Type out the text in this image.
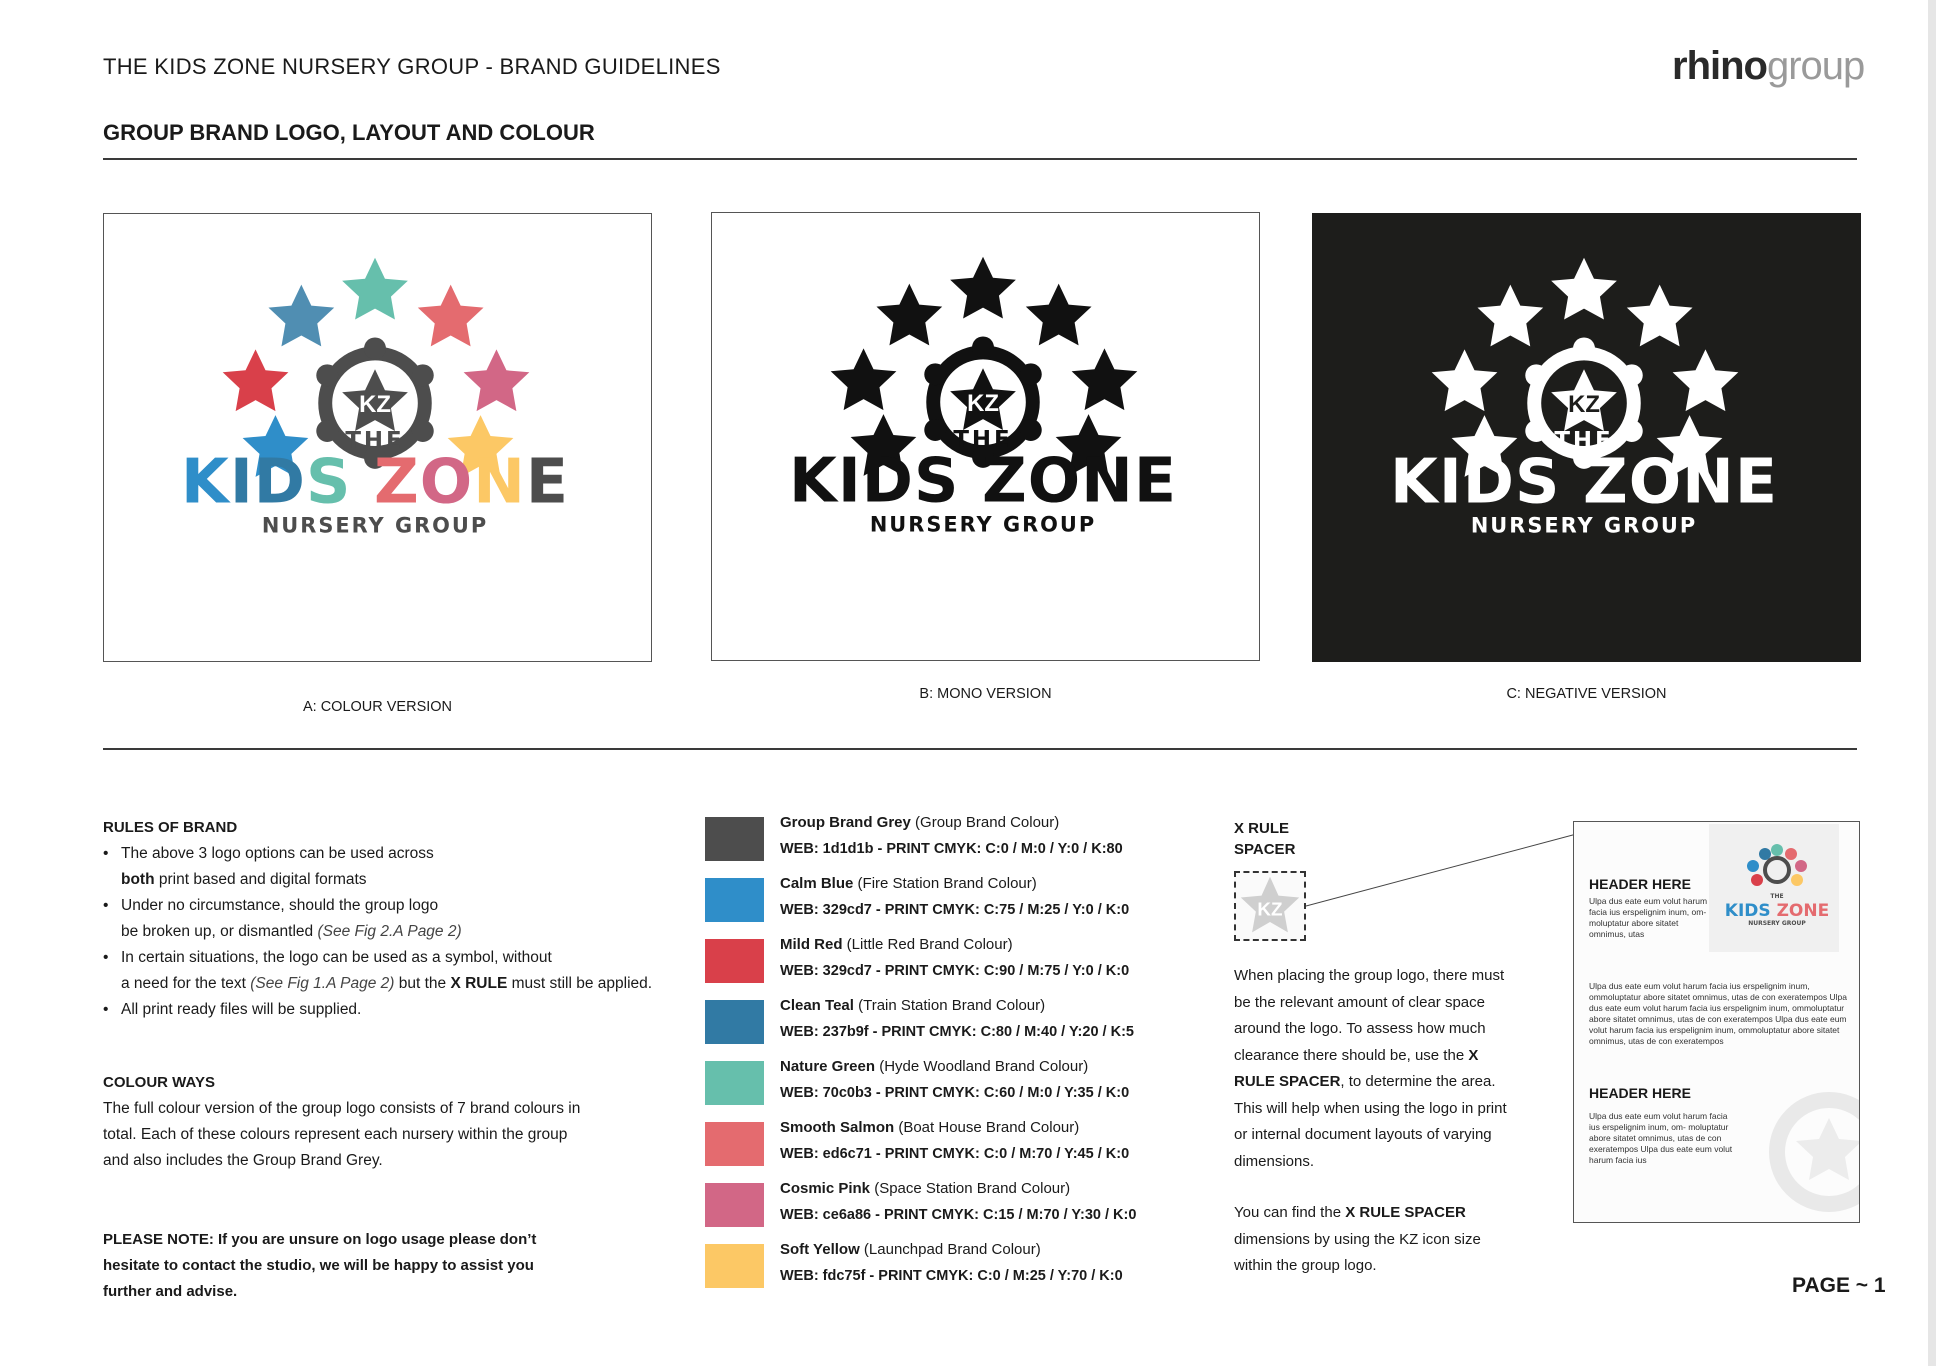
THE KIDS ZONE NURSERY GROUP - BRAND GUIDELINES	rhinogroup
GROUP BRAND LOGO, LAYOUT AND COLOUR
KZ
THE
KIDS ZONE
NURSERY GROUP
KZ
THE
KIDS ZONE
NURSERY GROUP
KZ
THE
KIDS ZONE
NURSERY GROUP
A: COLOUR VERSION
B: MONO VERSION	C: NEGATIVE VERSION
RULES OF BRAND
• The above 3 logo options can be used across
both print based and digital formats
• Under no circumstance, should the group logo
be broken up, or dismantled (See Fig 2.A Page 2)
• In certain situations, the logo can be used as a symbol, without
a need for the text (See Fig 1.A Page 2) but the X RULE must still be applied.
• All print ready files will be supplied.
COLOUR WAYS
The full colour version of the group logo consists of 7 brand colours in
total. Each of these colours represent each nursery within the group
and also includes the Group Brand Grey.
PLEASE NOTE: If you are unsure on logo usage please don’t
hesitate to contact the studio, we will be happy to assist you
further and advise.
Group Brand Grey (Group Brand Colour)
WEB: 1d1d1b - PRINT CMYK: C:0 / M:0 / Y:0 / K:80
Calm Blue (Fire Station Brand Colour)
WEB: 329cd7 - PRINT CMYK: C:75 / M:25 / Y:0 / K:0
Mild Red (Little Red Brand Colour)
WEB: 329cd7 - PRINT CMYK: C:90 / M:75 / Y:0 / K:0
Clean Teal (Train Station Brand Colour)
WEB: 237b9f - PRINT CMYK: C:80 / M:40 / Y:20 / K:5
Nature Green (Hyde Woodland Brand Colour)
WEB: 70c0b3 - PRINT CMYK: C:60 / M:0 / Y:35 / K:0
Smooth Salmon (Boat House Brand Colour)
WEB: ed6c71 - PRINT CMYK: C:0 / M:70 / Y:45 / K:0
Cosmic Pink (Space Station Brand Colour)
WEB: ce6a86 - PRINT CMYK: C:15 / M:70 / Y:30 / K:0
Soft Yellow (Launchpad Brand Colour)
WEB: fdc75f - PRINT CMYK: C:0 / M:25 / Y:70 / K:0
X RULE
SPACER
KZ
When placing the group logo, there must
be the relevant amount of clear space
around the logo. To assess how much
clearance there should be, use the X
RULE SPACER, to determine the area.
This will help when using the logo in print
or internal document layouts of varying
dimensions.
You can find the X RULE SPACER
dimensions by using the KZ icon size
within the group logo.
HEADER HERE
Ulpa dus eate eum volut harum facia ius erspelignim inum, om- moluptatur abore sitatet omnimus, utas
THE
KIDS ZONE
NURSERY GROUP
Ulpa dus eate eum volut harum facia ius erspelignim inum, ommoluptatur abore sitatet omnimus, utas de con exeratempos Ulpa dus eate eum volut harum facia ius erspelignim inum, ommoluptatur abore sitatet omnimus, utas de con exeratempos Ulpa dus eate eum volut harum facia ius erspelignim inum, ommoluptatur abore sitatet omnimus, utas de con exeratempos
HEADER HERE
Ulpa dus eate eum volut harum facia ius erspelignim inum, om- moluptatur abore sitatet omnimus, utas de con exeratempos Ulpa dus eate eum volut harum facia ius
PAGE ~ 1
